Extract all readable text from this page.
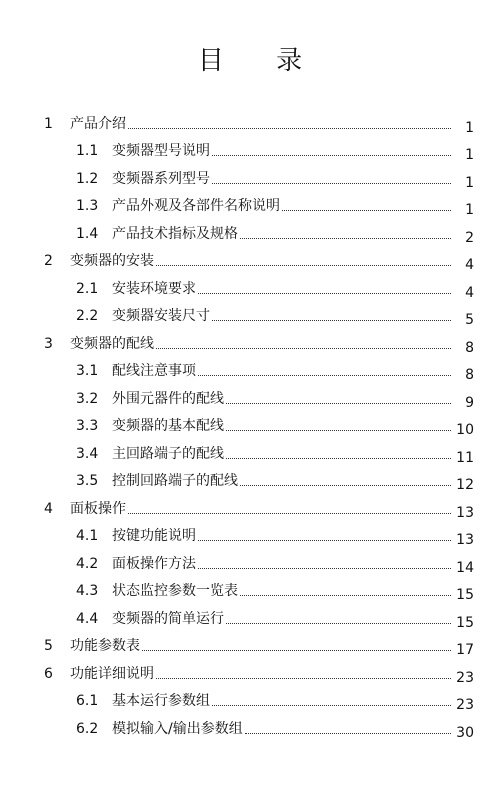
目 录
1	产品介绍	1
1.1 变频器型号说明	1
1.2 变频器系列型号	1
1.3 产品外观及各部件名称说明	1
1.4 产品技术指标及规格	2
2	变频器的安装	4
2.1 安装环境要求	4
2.2 变频器安装尺寸	5
3	变频器的配线	8
3.1 配线注意事项	8
3.2 外围元器件的配线	9
3.3 变频器的基本配线	10
3.4 主回路端子的配线	11
3.5 控制回路端子的配线	12
4	面板操作	13
4.1 按键功能说明	13
4.2 面板操作方法	14
4.3 状态监控参数一览表	15
4.4 变频器的简单运行	15
5	功能参数表	17
6	功能详细说明	23
6.1 基本运行参数组	23
6.2 模拟输入/输出参数组	30
